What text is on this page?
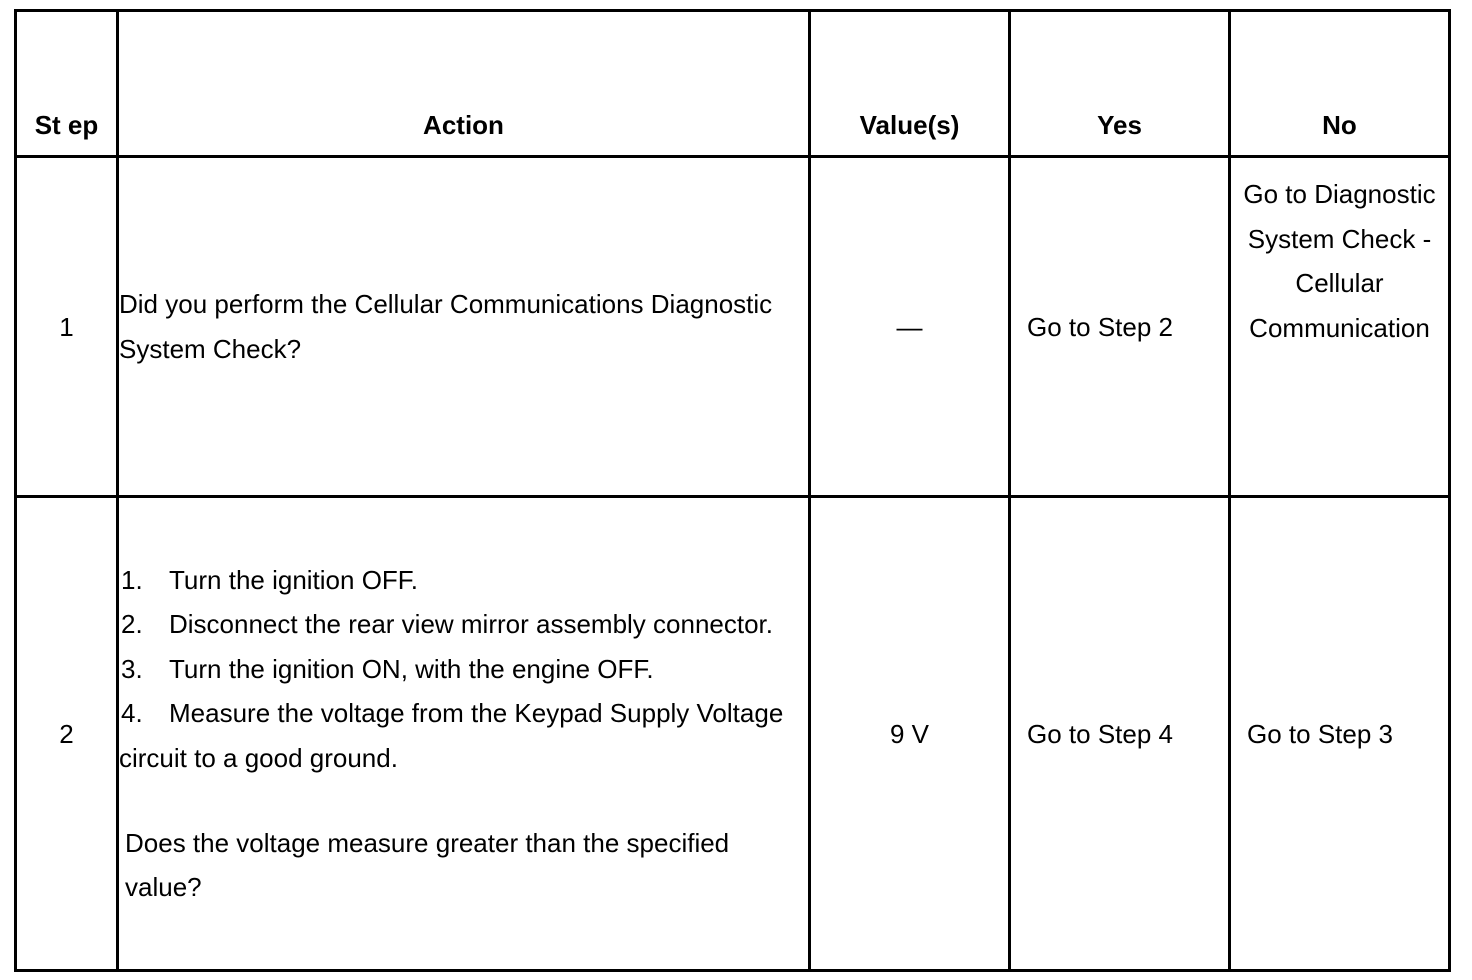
St ep	Action	Value(s)	Yes	No

1	Did you perform the Cellular Communications Diagnostic System Check?	—	Go to Step 2	Go to Diagnostic System Check - Cellular Communication

2	1. Turn the ignition OFF.
2. Disconnect the rear view mirror assembly connector.
3. Turn the ignition ON, with the engine OFF.
4. Measure the voltage from the Keypad Supply Voltage circuit to a good ground.
Does the voltage measure greater than the specified value?	9 V	Go to Step 4	Go to Step 3
